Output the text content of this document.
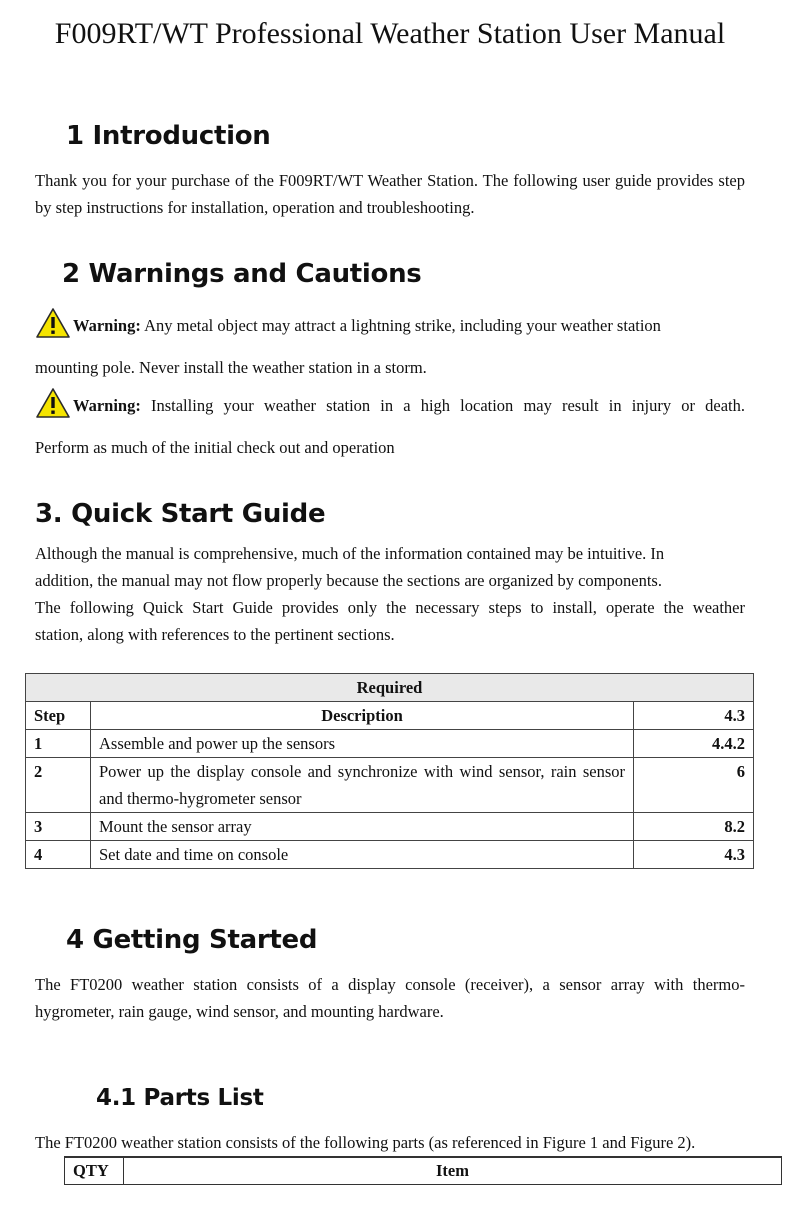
F009RT/WT Professional Weather Station User Manual
1 Introduction

Thank you for your purchase of the F009RT/WT Weather Station. The following user guide provides step by step instructions for installation, operation and troubleshooting.

2 Warnings and Cautions
Warning: Any metal object may attract a lightning strike, including your weather station

mounting pole. Never install the weather station in a storm.

Warning: Installing your weather station in a high location may result in injury or death.

Perform as much of the initial check out and operation

3. Quick Start Guide

Although the manual is comprehensive, much of the information contained may be intuitive. In

addition, the manual may not flow properly because the sections are organized by components.

The following Quick Start Guide provides only the necessary steps to install, operate the weather

station, along with references to the pertinent sections.

Required		
Step	Description	4.3
1	Assemble and power up the sensors	4.4.2
2	Power up the display console and synchronize with wind sensor, rain sensor and thermo-hygrometer sensor	6
3	Mount the sensor array	8.2
4	Set date and time on console	4.3
4 Getting Started

The FT0200 weather station consists of a display console (receiver), a sensor array with thermo-hygrometer, rain gauge, wind sensor, and mounting hardware.

4.1 Parts List

The FT0200 weather station consists of the following parts (as referenced in Figure 1 and Figure 2).

QTY	Item
